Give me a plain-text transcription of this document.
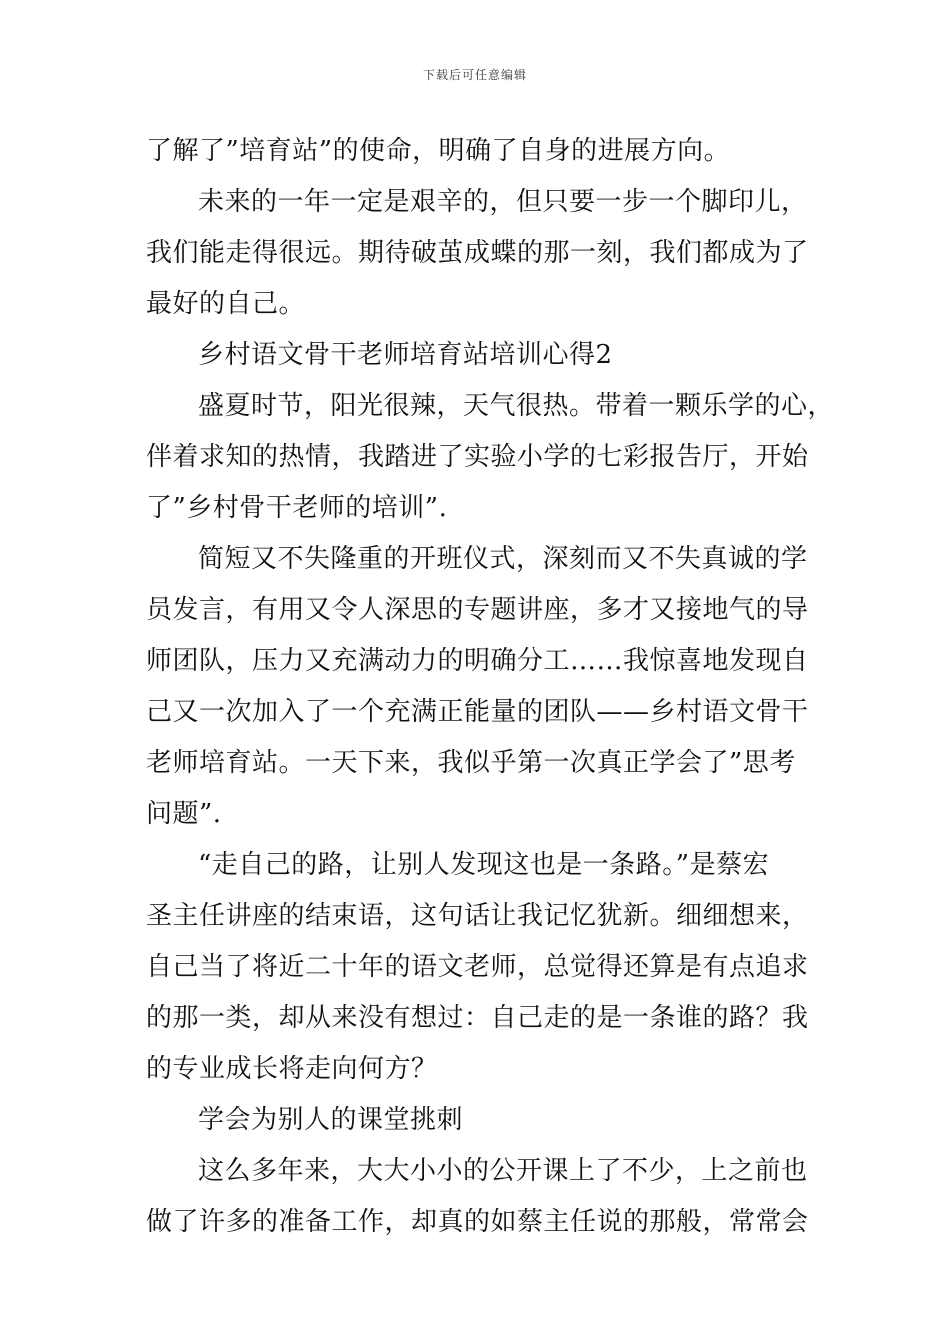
下载后可任意编辑
了解了”培育站”的使命，明确了自身的进展方向。
未来的一年一定是艰辛的，但只要一步一个脚印儿，
我们能走得很远。期待破茧成蝶的那一刻，我们都成为了
最好的自己。
乡村语文骨干老师培育站培训心得2
盛夏时节，阳光很辣，天气很热。带着一颗乐学的心，
伴着求知的热情，我踏进了实验小学的七彩报告厅，开始
了”乡村骨干老师的培训”.
简短又不失隆重的开班仪式，深刻而又不失真诚的学
员发言，有用又令人深思的专题讲座，多才又接地气的导
师团队，压力又充满动力的明确分工……我惊喜地发现自
己又一次加入了一个充满正能量的团队——乡村语文骨干
老师培育站。一天下来，我似乎第一次真正学会了”思考
问题”.
“走自己的路，让别人发现这也是一条路。”是蔡宏
圣主任讲座的结束语，这句话让我记忆犹新。细细想来，
自己当了将近二十年的语文老师，总觉得还算是有点追求
的那一类，却从来没有想过：自己走的是一条谁的路？我
的专业成长将走向何方？
学会为别人的课堂挑刺
这么多年来，大大小小的公开课上了不少，上之前也
做了许多的准备工作，却真的如蔡主任说的那般，常常会
